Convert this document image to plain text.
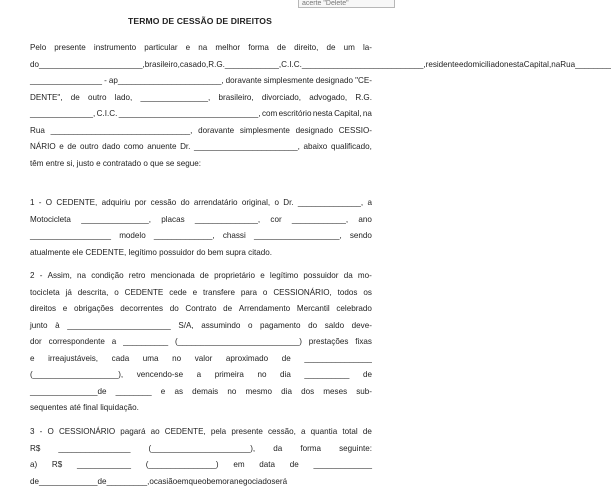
acerte "Delete"
TERMO DE CESSÃO DE DIREITOS
Pelo presente instrumento particular e na melhor forma de direito, de um la-
do _______________________, brasileiro, casado, R.G. ____________, C.I.C. ___________________________, residente e domiciliado nesta Capital, na Rua ________
________________ - ap_______________________, doravante simplesmente designado "CE-
DENTE", de outro lado, _______________, brasileiro, divorciado, advogado, R.G.
______________, C.I.C. _______________________________, com escritório nesta Capital, na
Rua _______________________________, doravante simplesmente designado CESSIO-
NÁRIO e de outro dado como anuente Dr. _______________________, abaixo qualificado,
têm entre si, justo e contratado o que se segue:
1 - O CEDENTE, adquiriu por cessão do arrendatário original, o Dr. ______________, a
Motocicleta _______________, placas ______________, cor ____________, ano
__________________ modelo _____________, chassi ___________________, sendo
atualmente ele CEDENTE, legítimo possuidor do bem supra citado.
2 - Assim, na condição retro mencionada de proprietário e legítimo possuidor da mo-
tocicleta já descrita, o CEDENTE cede e transfere para o CESSIONÁRIO, todos os
direitos e obrigações decorrentes do Contrato de Arrendamento Mercantil celebrado
junto à _______________________ S/A, assumindo o pagamento do saldo deve-
dor correspondente a __________ (___________________________) prestações fixas
e irreajustáveis, cada uma no valor aproximado de _______________
(___________________), vencendo-se a primeira no dia __________ de
_______________de ________ e as demais no mesmo dia dos meses sub-
sequentes até final liquidação.
3 - O CESSIONÁRIO pagará ao CEDENTE, pela presente cessão, a quantia total de
R$ ________________ (______________________), da forma seguinte:
a) R$ ____________ (_______________) em data de _____________
de _____________ de _________, ocasião em que o bem ora negociado será
